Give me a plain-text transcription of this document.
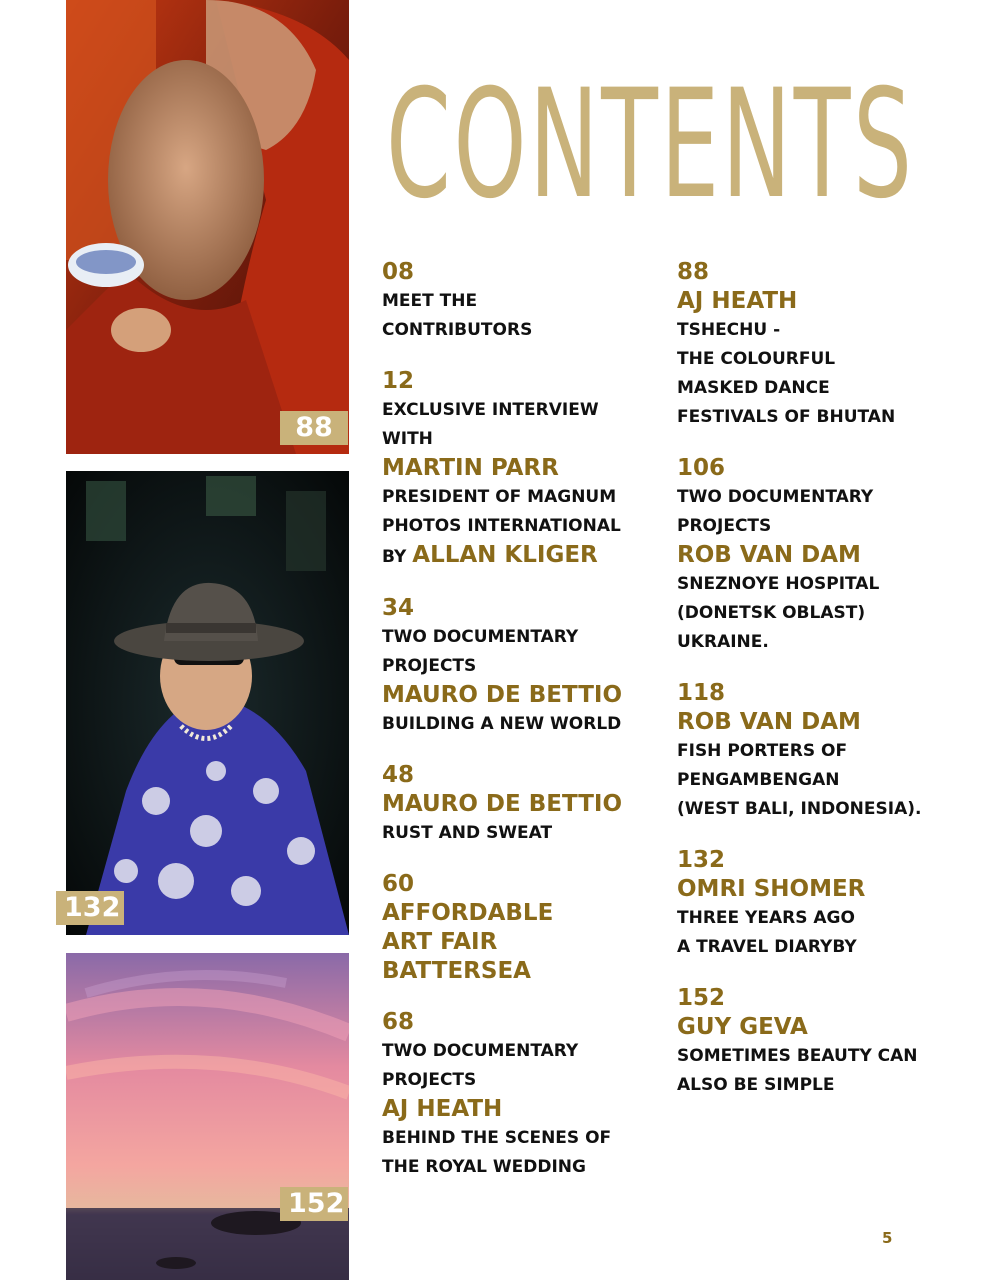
88
132
152
CONTENTS
08
MEET THE
CONTRIBUTORS
12
EXCLUSIVE INTERVIEW
WITH
MARTIN PARR
PRESIDENT OF MAGNUM
PHOTOS INTERNATIONAL
BY ALLAN KLIGER
34
TWO DOCUMENTARY
PROJECTS
MAURO DE BETTIO
BUILDING A NEW WORLD
48
MAURO DE BETTIO
RUST AND SWEAT
60
AFFORDABLE
ART FAIR
BATTERSEA
68
TWO DOCUMENTARY
PROJECTS
AJ HEATH
BEHIND THE SCENES OF
THE ROYAL WEDDING
88
AJ HEATH
TSHECHU -
THE COLOURFUL
MASKED DANCE
FESTIVALS OF BHUTAN
106
TWO DOCUMENTARY
PROJECTS
ROB VAN DAM
SNEZNOYE HOSPITAL
(DONETSK OBLAST)
UKRAINE.
118
ROB VAN DAM
FISH PORTERS OF
PENGAMBENGAN
(WEST BALI, INDONESIA).
132
OMRI SHOMER
THREE YEARS AGO
A TRAVEL DIARYBY
152
GUY GEVA
SOMETIMES BEAUTY CAN
ALSO BE SIMPLE
5
